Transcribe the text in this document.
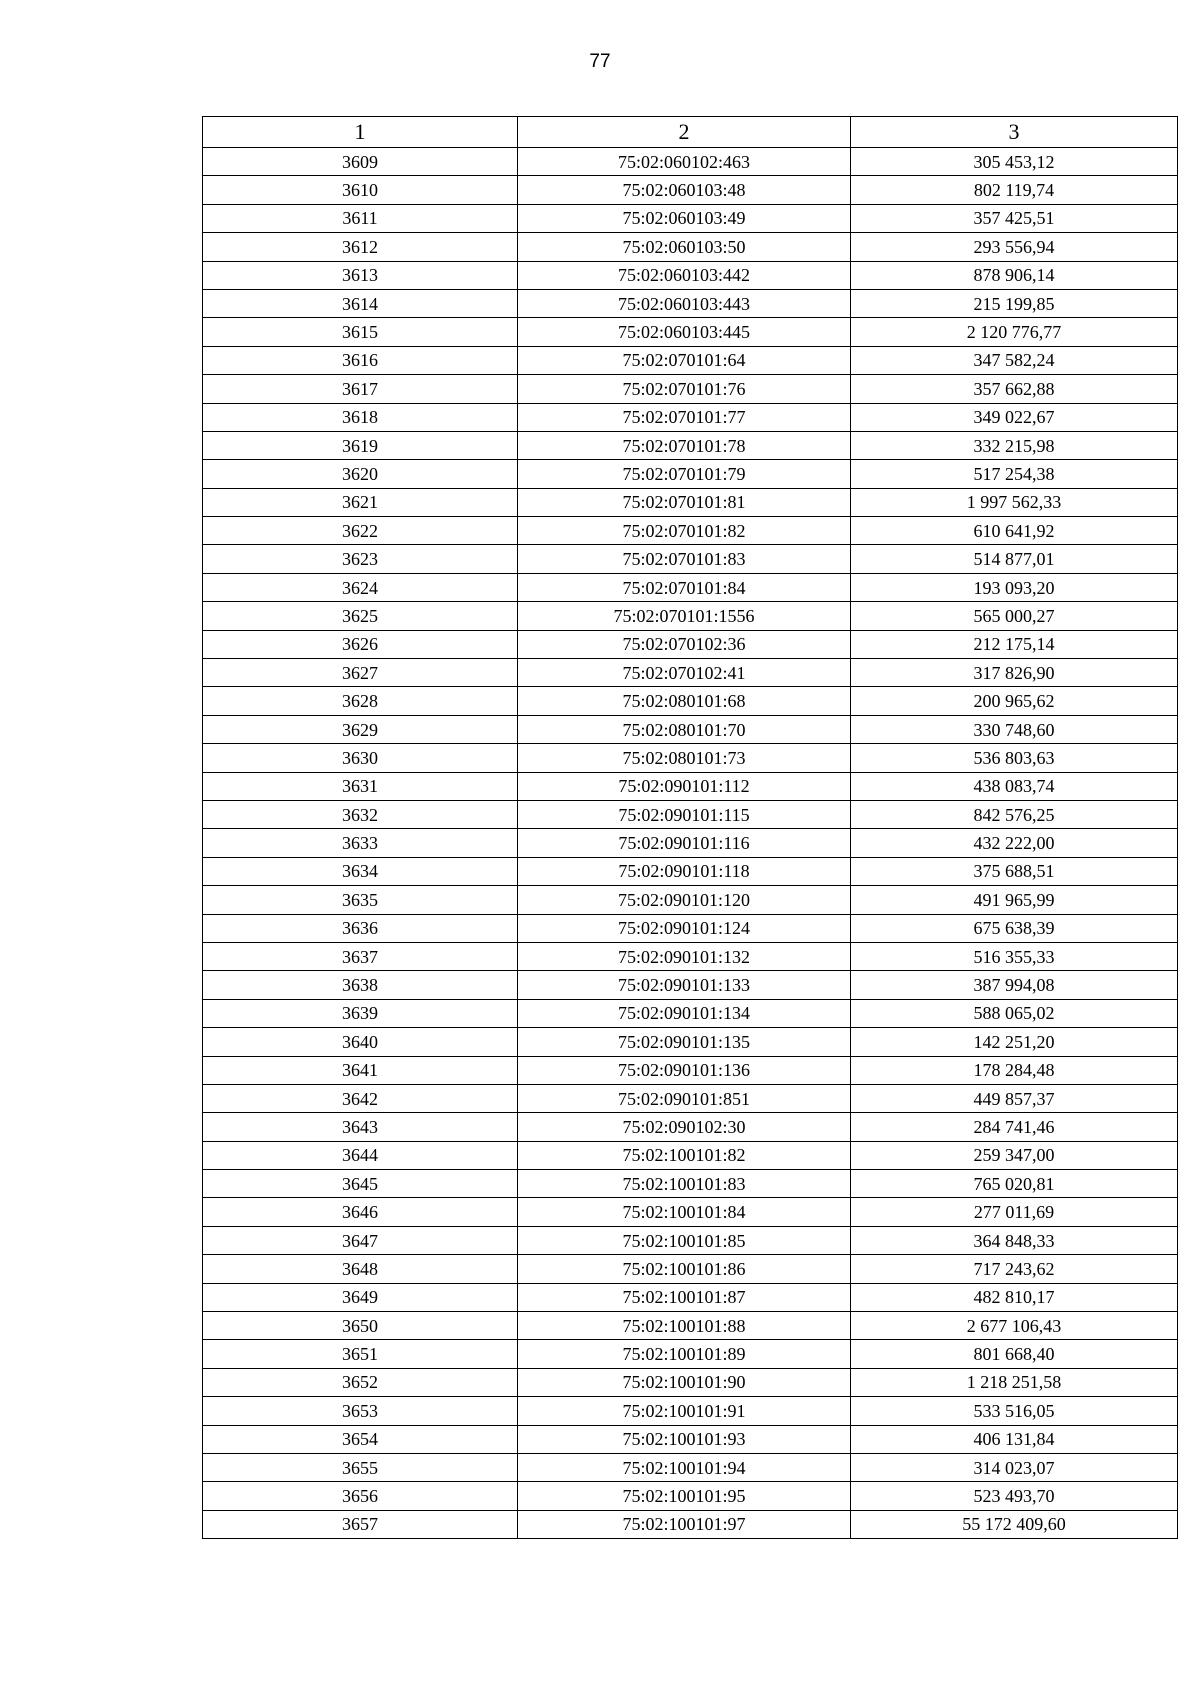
77
1	2	3
3609	75:02:060102:463	305 453,12
3610	75:02:060103:48	802 119,74
3611	75:02:060103:49	357 425,51
3612	75:02:060103:50	293 556,94
3613	75:02:060103:442	878 906,14
3614	75:02:060103:443	215 199,85
3615	75:02:060103:445	2 120 776,77
3616	75:02:070101:64	347 582,24
3617	75:02:070101:76	357 662,88
3618	75:02:070101:77	349 022,67
3619	75:02:070101:78	332 215,98
3620	75:02:070101:79	517 254,38
3621	75:02:070101:81	1 997 562,33
3622	75:02:070101:82	610 641,92
3623	75:02:070101:83	514 877,01
3624	75:02:070101:84	193 093,20
3625	75:02:070101:1556	565 000,27
3626	75:02:070102:36	212 175,14
3627	75:02:070102:41	317 826,90
3628	75:02:080101:68	200 965,62
3629	75:02:080101:70	330 748,60
3630	75:02:080101:73	536 803,63
3631	75:02:090101:112	438 083,74
3632	75:02:090101:115	842 576,25
3633	75:02:090101:116	432 222,00
3634	75:02:090101:118	375 688,51
3635	75:02:090101:120	491 965,99
3636	75:02:090101:124	675 638,39
3637	75:02:090101:132	516 355,33
3638	75:02:090101:133	387 994,08
3639	75:02:090101:134	588 065,02
3640	75:02:090101:135	142 251,20
3641	75:02:090101:136	178 284,48
3642	75:02:090101:851	449 857,37
3643	75:02:090102:30	284 741,46
3644	75:02:100101:82	259 347,00
3645	75:02:100101:83	765 020,81
3646	75:02:100101:84	277 011,69
3647	75:02:100101:85	364 848,33
3648	75:02:100101:86	717 243,62
3649	75:02:100101:87	482 810,17
3650	75:02:100101:88	2 677 106,43
3651	75:02:100101:89	801 668,40
3652	75:02:100101:90	1 218 251,58
3653	75:02:100101:91	533 516,05
3654	75:02:100101:93	406 131,84
3655	75:02:100101:94	314 023,07
3656	75:02:100101:95	523 493,70
3657	75:02:100101:97	55 172 409,60
